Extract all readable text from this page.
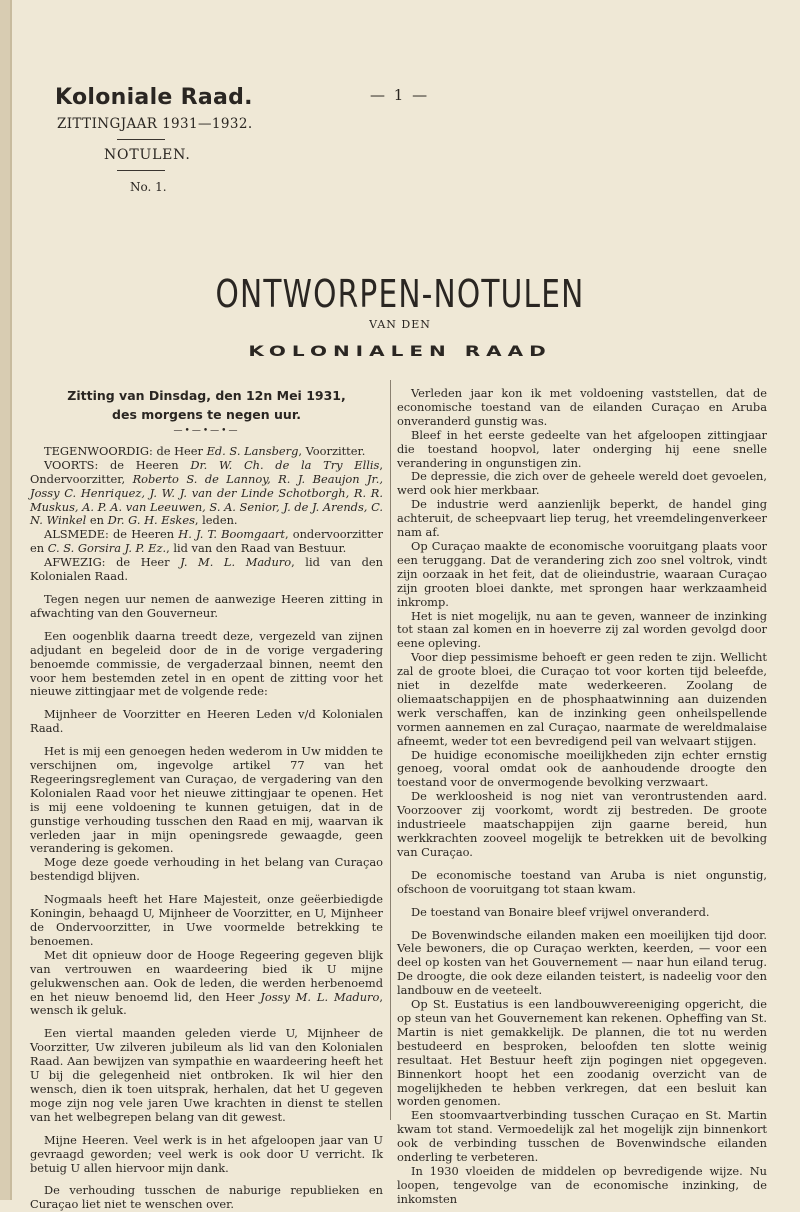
Koloniale Raad.
ZITTINGJAAR 1931—1932.
NOTULEN.
No. 1.
— 1 —
ONTWORPEN-NOTULEN
VAN DEN
KOLONIALEN RAAD
Zitting van Dinsdag, den 12n Mei 1931,
des morgens te negen uur.
—•—•—•—

TEGENWOORDIG: de Heer Ed. S. Lansberg, Voorzitter.

VOORTS: de Heeren Dr. W. Ch. de la Try Ellis, Ondervoorzitter, Roberto S. de Lannoy, R. J. Beaujon Jr., Jossy C. Henriquez, J. W. J. van der Linde Schotborgh, R. R. Muskus, A. P. A. van Leeuwen, S. A. Senior, J. de J. Arends, C. N. Winkel en Dr. G. H. Eskes, leden.

ALSMEDE: de Heeren H. J. T. Boomgaart, ondervoorzitter en C. S. Gorsira J. P. Ez., lid van den Raad van Bestuur.

AFWEZIG: de Heer J. M. L. Maduro, lid van den Kolonialen Raad.

Tegen negen uur nemen de aanwezige Heeren zitting in afwachting van den Gouverneur.

Een oogenblik daarna treedt deze, vergezeld van zijnen adjudant en begeleid door de in de vorige vergadering benoemde commissie, de vergaderzaal binnen, neemt den voor hem bestemden zetel in en opent de zitting voor het nieuwe zittingjaar met de volgende rede:

Mijnheer de Voorzitter en Heeren Leden v/d Kolonialen Raad.

Het is mij een genoegen heden wederom in Uw midden te verschijnen om, ingevolge artikel 77 van het Regeeringsreglement van Curaçao, de vergadering van den Kolonialen Raad voor het nieuwe zittingjaar te openen. Het is mij eene voldoening te kunnen getuigen, dat in de gunstige verhouding tusschen den Raad en mij, waarvan ik verleden jaar in mijn openingsrede gewaagde, geen verandering is gekomen.

Moge deze goede verhouding in het belang van Curaçao bestendigd blijven.

Nogmaals heeft het Hare Majesteit, onze geëerbiedigde Koningin, behaagd U, Mijnheer de Voorzitter, en U, Mijnheer de Ondervoorzitter, in Uwe voormelde betrekking te benoemen.

Met dit opnieuw door de Hooge Regeering gegeven blijk van vertrouwen en waardeering bied ik U mijne gelukwenschen aan. Ook de leden, die werden herbenoemd en het nieuw benoemd lid, den Heer Jossy M. L. Maduro, wensch ik geluk.

Een viertal maanden geleden vierde U, Mijnheer de Voorzitter, Uw zilveren jubileum als lid van den Kolonialen Raad. Aan bewijzen van sympathie en waardeering heeft het U bij die gelegenheid niet ontbroken. Ik wil hier den wensch, dien ik toen uitsprak, herhalen, dat het U gegeven moge zijn nog vele jaren Uwe krachten in dienst te stellen van het welbegrepen belang van dit gewest.

Mijne Heeren. Veel werk is in het afgeloopen jaar van U gevraagd geworden; veel werk is ook door U verricht. Ik betuig U allen hiervoor mijn dank.

De verhouding tusschen de naburige republieken en Curaçao liet niet te wenschen over.

Verleden jaar kon ik met voldoening vaststellen, dat de economische toestand van de eilanden Curaçao en Aruba onveranderd gunstig was.

Bleef in het eerste gedeelte van het afgeloopen zittingjaar die toestand hoopvol, later onderging hij eene snelle verandering in ongunstigen zin.

De depressie, die zich over de geheele wereld doet gevoelen, werd ook hier merkbaar.

De industrie werd aanzienlijk beperkt, de handel ging achteruit, de scheepvaart liep terug, het vreemdelingenverkeer nam af.

Op Curaçao maakte de economische vooruitgang plaats voor een teruggang. Dat de verandering zich zoo snel voltrok, vindt zijn oorzaak in het feit, dat de olieindustrie, waaraan Curaçao zijn grooten bloei dankte, met sprongen haar werkzaamheid inkromp.

Het is niet mogelijk, nu aan te geven, wanneer de inzinking tot staan zal komen en in hoeverre zij zal worden gevolgd door eene opleving.

Voor diep pessimisme behoeft er geen reden te zijn. Wellicht zal de groote bloei, die Curaçao tot voor korten tijd beleefde, niet in dezelfde mate wederkeeren. Zoolang de oliemaatschappijen en de phosphaatwinning aan duizenden werk verschaffen, kan de inzinking geen onheilspellende vormen aannemen en zal Curaçao, naarmate de wereldmalaise afneemt, weder tot een bevredigend peil van welvaart stijgen.

De huidige economische moeilijkheden zijn echter ernstig genoeg, vooral omdat ook de aanhoudende droogte den toestand voor de onvermogende bevolking verzwaart.

De werkloosheid is nog niet van verontrustenden aard. Voorzoover zij voorkomt, wordt zij bestreden. De groote industrieele maatschappijen zijn gaarne bereid, hun werkkrachten zooveel mogelijk te betrekken uit de bevolking van Curaçao.

De economische toestand van Aruba is niet ongunstig, ofschoon de vooruitgang tot staan kwam.

De toestand van Bonaire bleef vrijwel onveranderd.

De Bovenwindsche eilanden maken een moeilijken tijd door. Vele bewoners, die op Curaçao werkten, keerden, — voor een deel op kosten van het Gouvernement — naar hun eiland terug. De droogte, die ook deze eilanden teistert, is nadeelig voor den landbouw en de veeteelt.

Op St. Eustatius is een landbouwvereeniging opgericht, die op steun van het Gouvernement kan rekenen. Opheffing van St. Martin is niet gemakkelijk. De plannen, die tot nu werden bestudeerd en besproken, beloofden ten slotte weinig resultaat. Het Bestuur heeft zijn pogingen niet opgegeven. Binnenkort hoopt het een zoodanig overzicht van de mogelijkheden te hebben verkregen, dat een besluit kan worden genomen.

Een stoomvaartverbinding tusschen Curaçao en St. Martin kwam tot stand. Vermoedelijk zal het mogelijk zijn binnenkort ook de verbinding tusschen de Bovenwindsche eilanden onderling te verbeteren.

In 1930 vloeiden de middelen op bevredigende wijze. Nu loopen, tengevolge van de economische inzinking, de inkomsten
